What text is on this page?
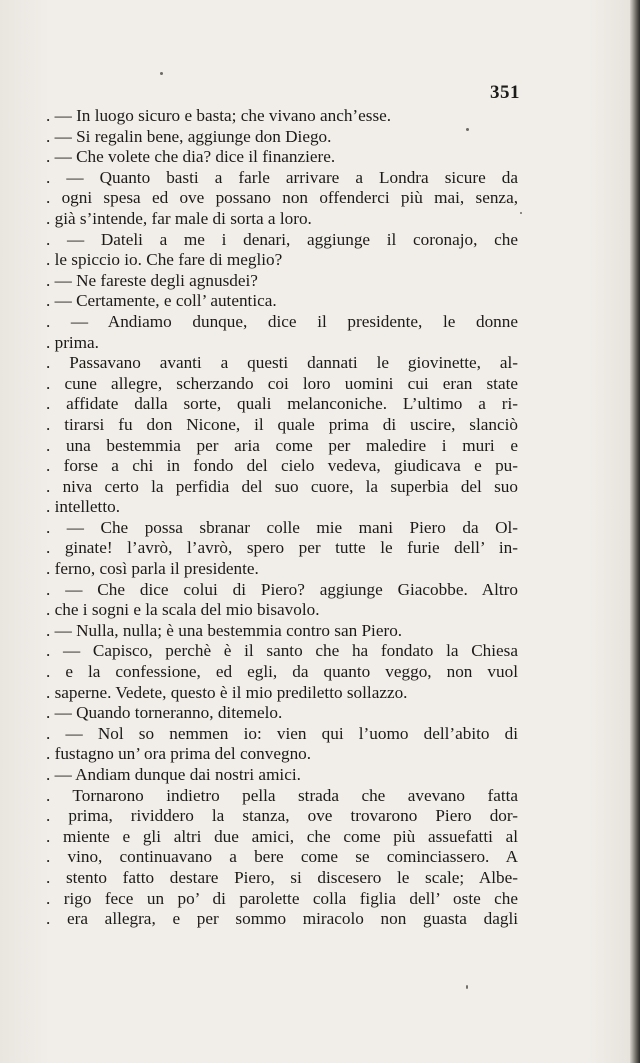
351
. — In luogo sicuro e basta; che vivano anch’esse.
. — Si regalin bene, aggiunge don Diego.
. — Che volete che dia? dice il finanziere.
. — Quanto basti a farle arrivare a Londra sicure da
. ogni spesa ed ove possano non offenderci più mai, senza,
. già s’intende, far male di sorta a loro.
. — Dateli a me i denari, aggiunge il coronajo, che
. le spiccio io. Che fare di meglio?
. — Ne fareste degli agnusdei?
. — Certamente, e coll’ autentica.
. — Andiamo dunque, dice il presidente, le donne
. prima.
. Passavano avanti a questi dannati le giovinette, al-
. cune allegre, scherzando coi loro uomini cui eran state
. affidate dalla sorte, quali melanconiche. L’ultimo a ri-
. tirarsi fu don Nicone, il quale prima di uscire, slanciò
. una bestemmia per aria come per maledire i muri e
. forse a chi in fondo del cielo vedeva, giudicava e pu-
. niva certo la perfidia del suo cuore, la superbia del suo
. intelletto.
. — Che possa sbranar colle mie mani Piero da Ol-
. ginate! l’avrò, l’avrò, spero per tutte le furie dell’ in-
. ferno, così parla il presidente.
. — Che dice colui di Piero? aggiunge Giacobbe. Altro
. che i sogni e la scala del mio bisavolo.
. — Nulla, nulla; è una bestemmia contro san Piero.
. — Capisco, perchè è il santo che ha fondato la Chiesa
. e la confessione, ed egli, da quanto veggo, non vuol
. saperne. Vedete, questo è il mio prediletto sollazzo.
. — Quando torneranno, ditemelo.
. — Nol so nemmen io: vien qui l’uomo dell’abito di
. fustagno un’ ora prima del convegno.
. — Andiam dunque dai nostri amici.
. Tornarono indietro pella strada che avevano fatta
. prima, rividdero la stanza, ove trovarono Piero dor-
. miente e gli altri due amici, che come più assuefatti al
. vino, continuavano a bere come se cominciassero. A
. stento fatto destare Piero, si discesero le scale; Albe-
. rigo fece un po’ di parolette colla figlia dell’ oste che
. era allegra, e per sommo miracolo non guasta dagli
